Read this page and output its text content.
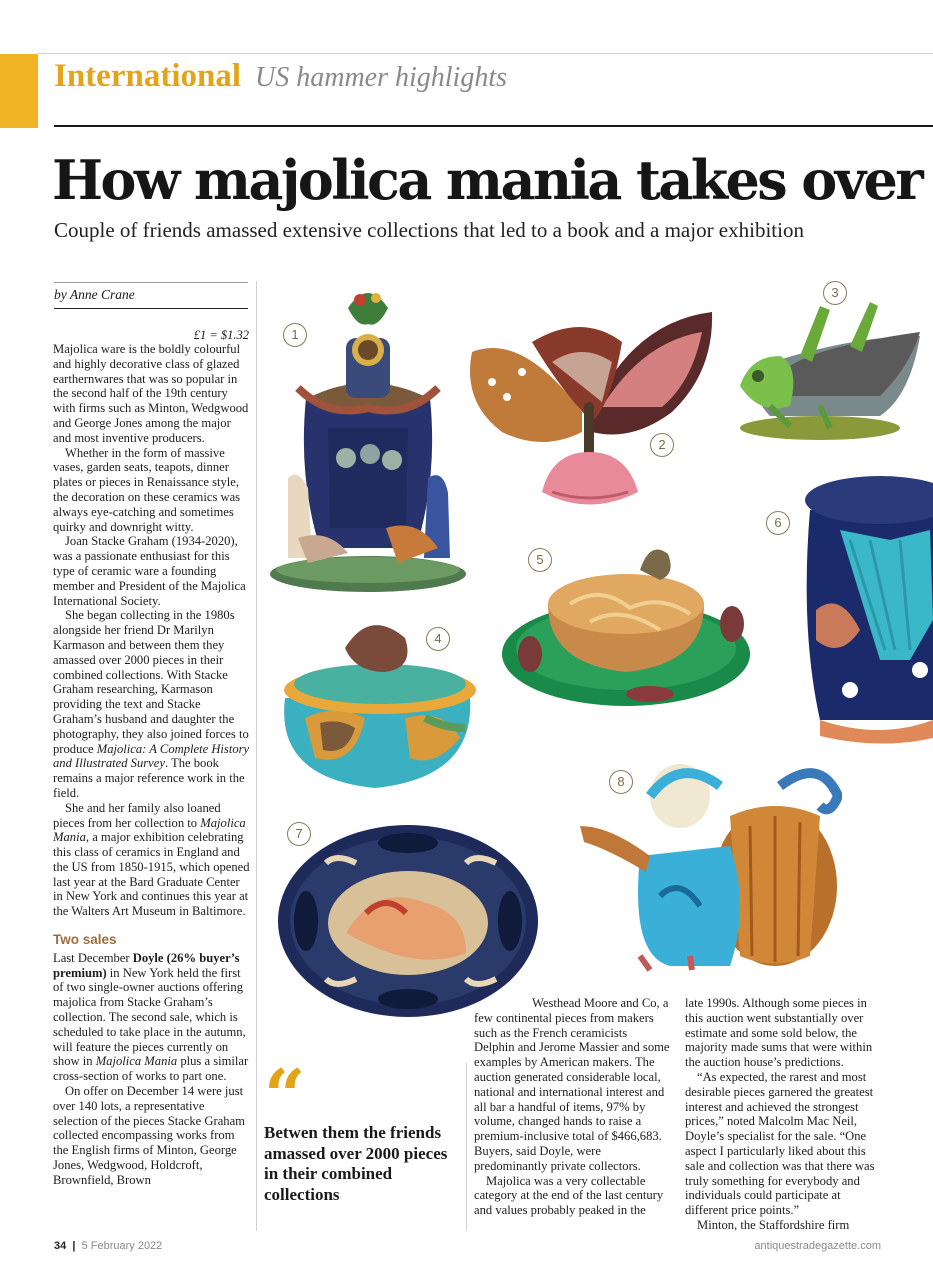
International US hammer highlights
How majolica mania takes over
Couple of friends amassed extensive collections that led to a book and a major exhibition
by Anne Crane
£1 = $1.32

Majolica ware is the boldly colourful and highly decorative class of glazed earthernwares that was so popular in the second half of the 19th century with firms such as Minton, Wedgwood and George Jones among the major and most inventive producers.

Whether in the form of massive vases, garden seats, teapots, dinner plates or pieces in Renaissance style, the decoration on these ceramics was always eye-catching and sometimes quirky and downright witty.

Joan Stacke Graham (1934-2020), was a passionate enthusiast for this type of ceramic ware a founding member and President of the Majolica International Society.

She began collecting in the 1980s alongside her friend Dr Marilyn Karmason and between them they amassed over 2000 pieces in their combined collections. With Stacke Graham researching, Karmason providing the text and Stacke Graham’s husband and daughter the photography, they also joined forces to produce Majolica: A Complete History and Illustrated Survey. The book remains a major reference work in the field.

She and her family also loaned pieces from her collection to Majolica Mania, a major exhibition celebrating this class of ceramics in England and the US from 1850-1915, which opened last year at the Bard Graduate Center in New York and continues this year at the Walters Art Museum in Baltimore.

Two sales

Last December Doyle (26% buyer’s premium) in New York held the first of two single-owner auctions offering majolica from Stacke Graham’s collection. The second sale, which is scheduled to take place in the autumn, will feature the pieces currently on show in Majolica Mania plus a similar cross-section of works to part one.

On offer on December 14 were just over 140 lots, a representative selection of the pieces Stacke Graham collected encompassing works from the English firms of Minton, George Jones, Wedgwood, Holdcroft, Brownfield, Brown

“
Betwen them the friends amassed over 2000 pieces in their combined collections

Westhead Moore and Co, a few continental pieces from makers such as the French ceramicists Delphin and Jerome Massier and some examples by American makers. The auction generated considerable local, national and international interest and all bar a handful of items, 97% by volume, changed hands to raise a premium-inclusive total of $466,683. Buyers, said Doyle, were predominantly private collectors.

Majolica was a very collectable category at the end of the last century and values probably peaked in the

late 1990s. Although some pieces in this auction went substantially over estimate and some sold below, the majority made sums that were within the auction house’s predictions.

“As expected, the rarest and most desirable pieces garnered the greatest interest and achieved the strongest prices,” noted Malcolm Mac Neil, Doyle’s specialist for the sale. “One aspect I particularly liked about this sale and collection was that there was truly something for everybody and individuals could participate at different price points.”

Minton, the Staffordshire firm

1
2
3
4
5
6
7
8
34 | 5 February 2022	antiquestradegazette.com
